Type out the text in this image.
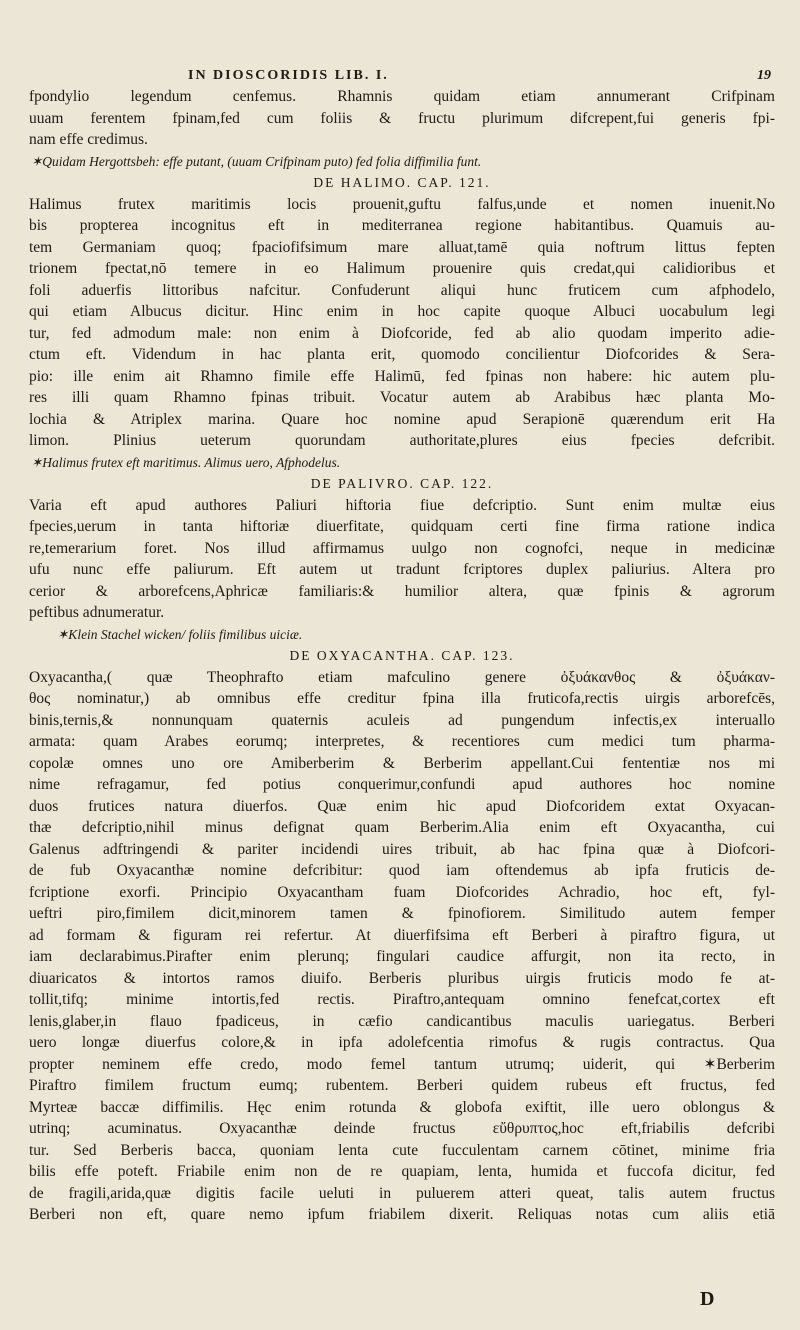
IN DIOSCORIDIS LIB. I.	19
fpondylio legendum cenfemus. Rhamnis quidam etiam annumerant Crifpinam
uuam ferentem fpinam,fed cum foliis & fructu plurimum difcrepent,fui generis fpi-
nam effe credimus.
✶Quidam Hergottsbeh: effe putant, (uuam Crifpinam puto) fed folia diffimilia funt.
DE HALIMO. CAP. 121.
Halimus frutex maritimis locis prouenit,guftu falfus,unde et nomen inuenit.No
bis propterea incognitus eft in mediterranea regione habitantibus. Quamuis au-
tem Germaniam quoq; fpaciofifsimum mare alluat,tamē quia noftrum littus fepten
trionem fpectat,nō temere in eo Halimum prouenire quis credat,qui calidioribus et
foli aduerfis littoribus nafcitur. Confuderunt aliqui hunc fruticem cum afphodelo,
qui etiam Albucus dicitur. Hinc enim in hoc capite quoque Albuci uocabulum legi
tur, fed admodum male: non enim à Diofcoride, fed ab alio quodam imperito adie-
ctum eft. Videndum in hac planta erit, quomodo concilientur Diofcorides & Sera-
pio: ille enim ait Rhamno fimile effe Halimū, fed fpinas non habere: hic autem plu-
res illi quam Rhamno fpinas tribuit. Vocatur autem ab Arabibus hæc planta Mo-
lochia & Atriplex marina. Quare hoc nomine apud Serapionē quærendum erit Ha
limon. Plinius ueterum quorundam authoritate,plures eius fpecies defcribit.
✶Halimus frutex eft maritimus. Alimus uero, Afphodelus.
DE PALIVRO. CAP. 122.
Varia eft apud authores Paliuri hiftoria fiue defcriptio. Sunt enim multæ eius
fpecies,uerum in tanta hiftoriæ diuerfitate, quidquam certi fine firma ratione indica
re,temerarium foret. Nos illud affirmamus uulgo non cognofci, neque in medicinæ
ufu nunc effe paliurum. Eft autem ut tradunt fcriptores duplex paliurius. Altera pro
cerior & arborefcens,Aphricæ familiaris:& humilior altera, quæ fpinis & agrorum
peftibus adnumeratur.
✶Klein Stachel wicken/ foliis fimilibus uiciæ.
DE OXYACANTHA. CAP. 123.
Oxyacantha,( quæ Theophrafto etiam mafculino genere ὀξυάκανθος & ὀξυάκαν-
θος nominatur,) ab omnibus effe creditur fpina illa fruticofa,rectis uirgis arborefcēs,
binis,ternis,& nonnunquam quaternis aculeis ad pungendum infectis,ex interuallo
armata: quam Arabes eorumq; interpretes, & recentiores cum medici tum pharma-
copolæ omnes uno ore Amiberberim & Berberim appellant.Cui fententiæ nos mi
nime refragamur, fed potius conquerimur,confundi apud authores hoc nomine
duos frutices natura diuerfos. Quæ enim hic apud Diofcoridem extat Oxyacan-
thæ defcriptio,nihil minus defignat quam Berberim.Alia enim eft Oxyacantha, cui
Galenus adftringendi & pariter incidendi uires tribuit, ab hac fpina quæ à Diofcori-
de fub Oxyacanthæ nomine defcribitur: quod iam oftendemus ab ipfa fruticis de-
fcriptione exorfi. Principio Oxyacantham fuam Diofcorides Achradio, hoc eft, fyl-
ueftri piro,fimilem dicit,minorem tamen & fpinofiorem. Similitudo autem femper
ad formam & figuram rei refertur. At diuerfifsima eft Berberi à piraftro figura, ut
iam declarabimus.Pirafter enim plerunq; fingulari caudice affurgit, non ita recto, in
diuaricatos & intortos ramos diuifo. Berberis pluribus uirgis fruticis modo fe at-
tollit,tifq; minime intortis,fed rectis. Piraftro,antequam omnino fenefcat,cortex eft
lenis,glaber,in flauo fpadiceus, in cæfio candicantibus maculis uariegatus. Berberi
uero longæ diuerfus colore,& in ipfa adolefcentia rimofus & rugis contractus. Qua
propter neminem effe credo, modo femel tantum utrumq; uiderit, qui ✶Berberim
Piraftro fimilem fructum eumq; rubentem. Berberi quidem rubeus eft fructus, fed
Myrteæ baccæ diffimilis. Hęc enim rotunda & globofa exiftit, ille uero oblongus &
utrinq; acuminatus. Oxyacanthæ deinde fructus εὔθρυπτος,hoc eft,friabilis defcribi
tur. Sed Berberis bacca, quoniam lenta cute fucculentam carnem cōtinet, minime fria
bilis effe poteft. Friabile enim non de re quapiam, lenta, humida et fuccofa dicitur, fed
de fragili,arida,quæ digitis facile ueluti in puluerem atteri queat, talis autem fructus
Berberi non eft, quare nemo ipfum friabilem dixerit. Reliquas notas cum aliis etiā
D
